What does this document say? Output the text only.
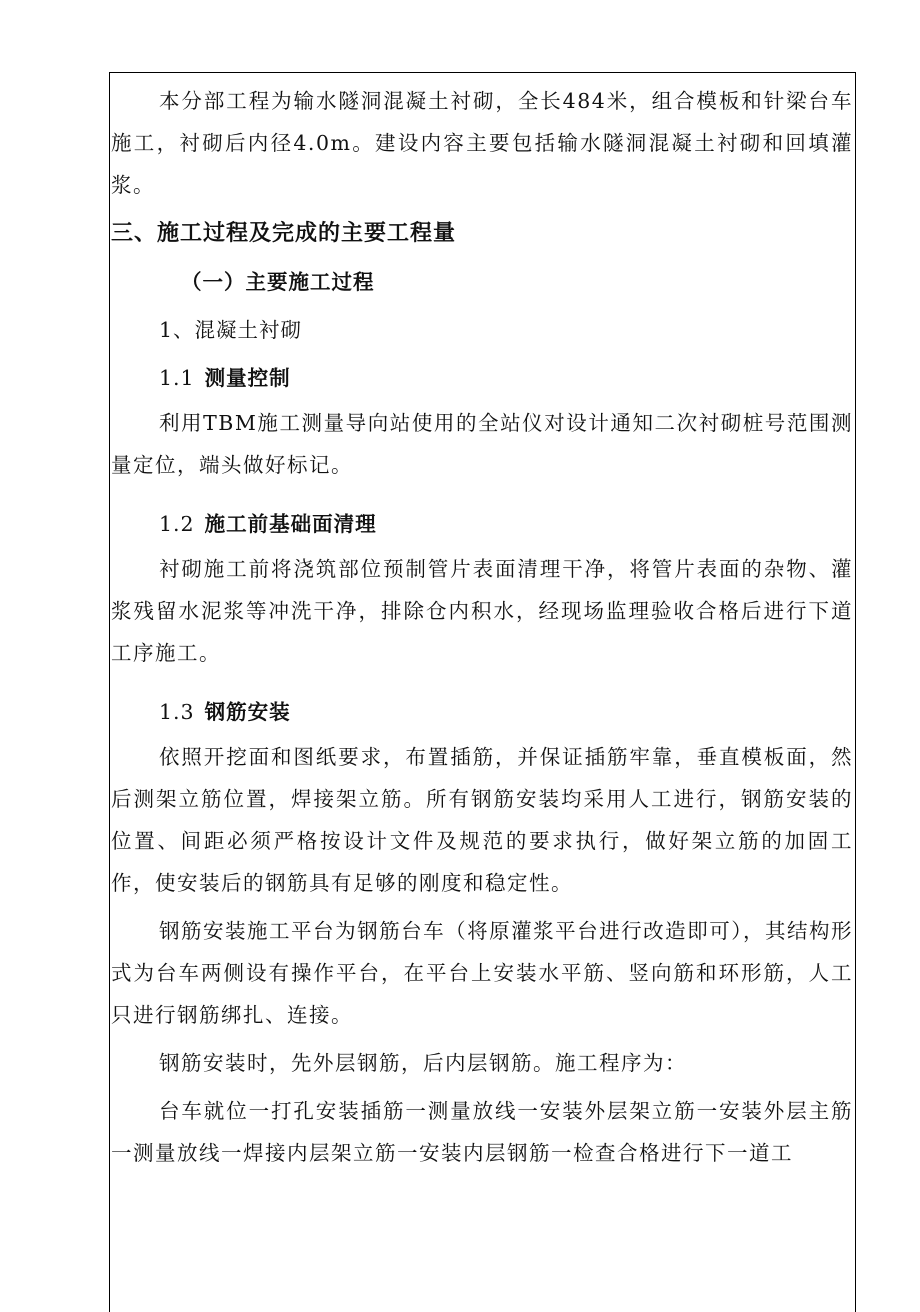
本分部工程为输水隧洞混凝土衬砌，全长484米，组合模板和针梁台车施工，衬砌后内径4.0m。建设内容主要包括输水隧洞混凝土衬砌和回填灌浆。

三、施工过程及完成的主要工程量

（一）主要施工过程

1、混凝土衬砌

1.1 测量控制

利用TBM施工测量导向站使用的全站仪对设计通知二次衬砌桩号范围测量定位，端头做好标记。

1.2 施工前基础面清理

衬砌施工前将浇筑部位预制管片表面清理干净，将管片表面的杂物、灌浆残留水泥浆等冲洗干净，排除仓内积水，经现场监理验收合格后进行下道工序施工。

1.3 钢筋安装

依照开挖面和图纸要求，布置插筋，并保证插筋牢靠，垂直模板面，然后测架立筋位置，焊接架立筋。所有钢筋安装均采用人工进行，钢筋安装的位置、间距必须严格按设计文件及规范的要求执行，做好架立筋的加固工作，使安装后的钢筋具有足够的刚度和稳定性。

钢筋安装施工平台为钢筋台车（将原灌浆平台进行改造即可），其结构形式为台车两侧设有操作平台，在平台上安装水平筋、竖向筋和环形筋，人工只进行钢筋绑扎、连接。

钢筋安装时，先外层钢筋，后内层钢筋。施工程序为：

台车就位一打孔安装插筋一测量放线一安装外层架立筋一安装外层主筋一测量放线一焊接内层架立筋一安装内层钢筋一检查合格进行下一道工
